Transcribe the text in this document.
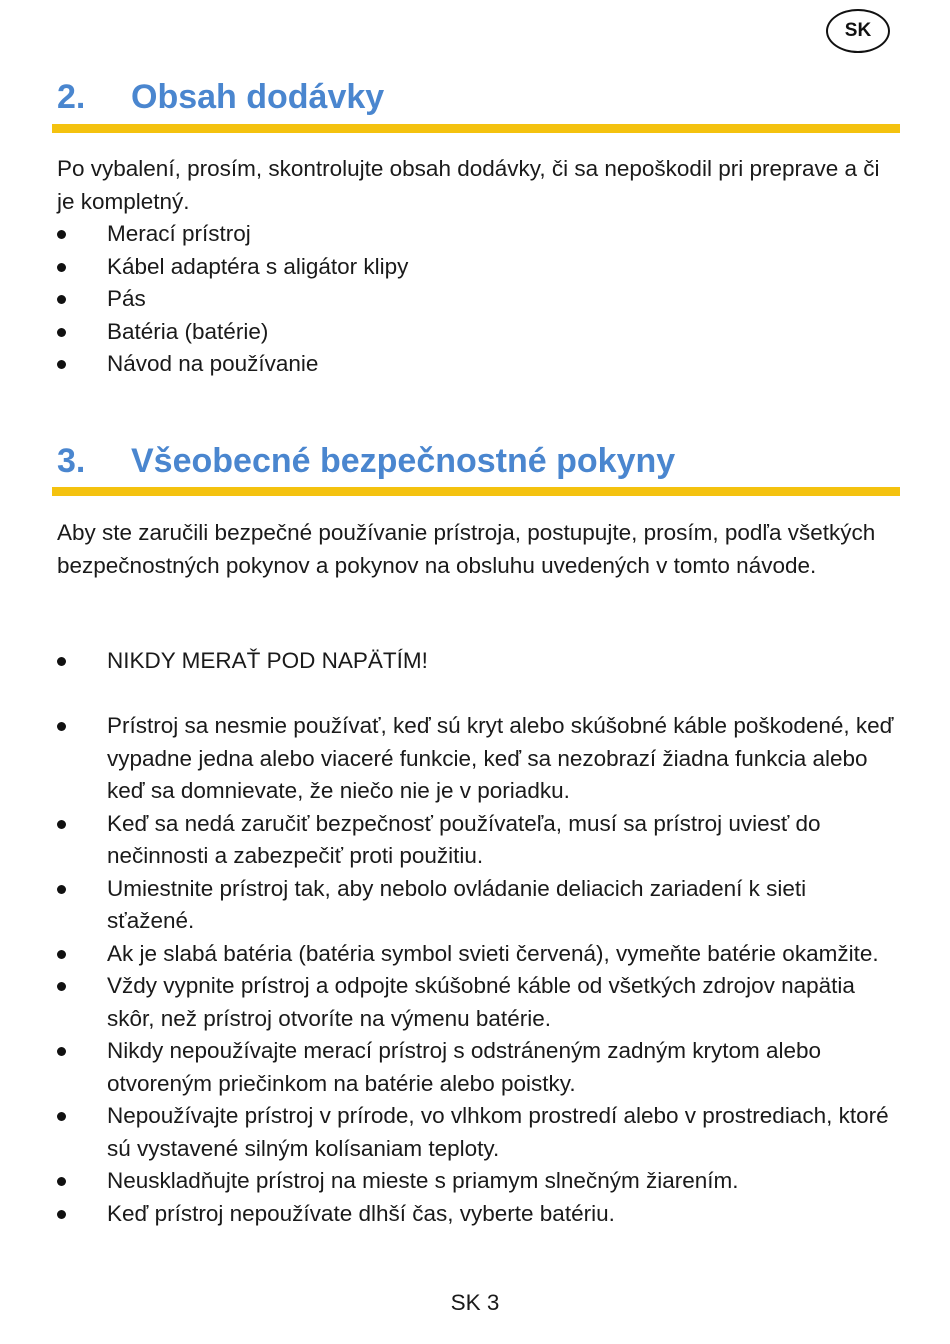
SK
2. Obsah dodávky

Po vybalení, prosím, skontrolujte obsah dodávky, či sa nepoškodil pri preprave a či je kompletný.

Merací prístroj
Kábel adaptéra s aligátor klipy
Pás
Batéria (batérie)
Návod na používanie
3. Všeobecné bezpečnostné pokyny

Aby ste zaručili bezpečné používanie prístroja, postupujte, prosím, podľa všetkých bezpečnostných pokynov a pokynov na obsluhu uvedených v tomto návode.

NIKDY MERAŤ POD NAPÄTÍM!
Prístroj sa nesmie používať, keď sú kryt alebo skúšobné káble poškodené, keď vypadne jedna alebo viaceré funkcie, keď sa nezobrazí žiadna funkcia alebo keď sa domnievate, že niečo nie je v poriadku.
Keď sa nedá zaručiť bezpečnosť používateľa, musí sa prístroj uviesť do nečinnosti a zabezpečiť proti použitiu.
Umiestnite prístroj tak, aby nebolo ovládanie deliacich zariadení k sieti sťažené.
Ak je slabá batéria (batéria symbol svieti červená), vymeňte batérie okamžite.
Vždy vypnite prístroj a odpojte skúšobné káble od všetkých zdrojov napätia skôr, než prístroj otvoríte na výmenu batérie.
Nikdy nepoužívajte merací prístroj s odstráneným zadným krytom alebo otvoreným priečinkom na batérie alebo poistky.
Nepoužívajte prístroj v prírode, vo vlhkom prostredí alebo v prostrediach, ktoré sú vystavené silným kolísaniam teploty.
Neuskladňujte prístroj na mieste s priamym slnečným žiarením.
Keď prístroj nepoužívate dlhší čas, vyberte batériu.
SK 3
